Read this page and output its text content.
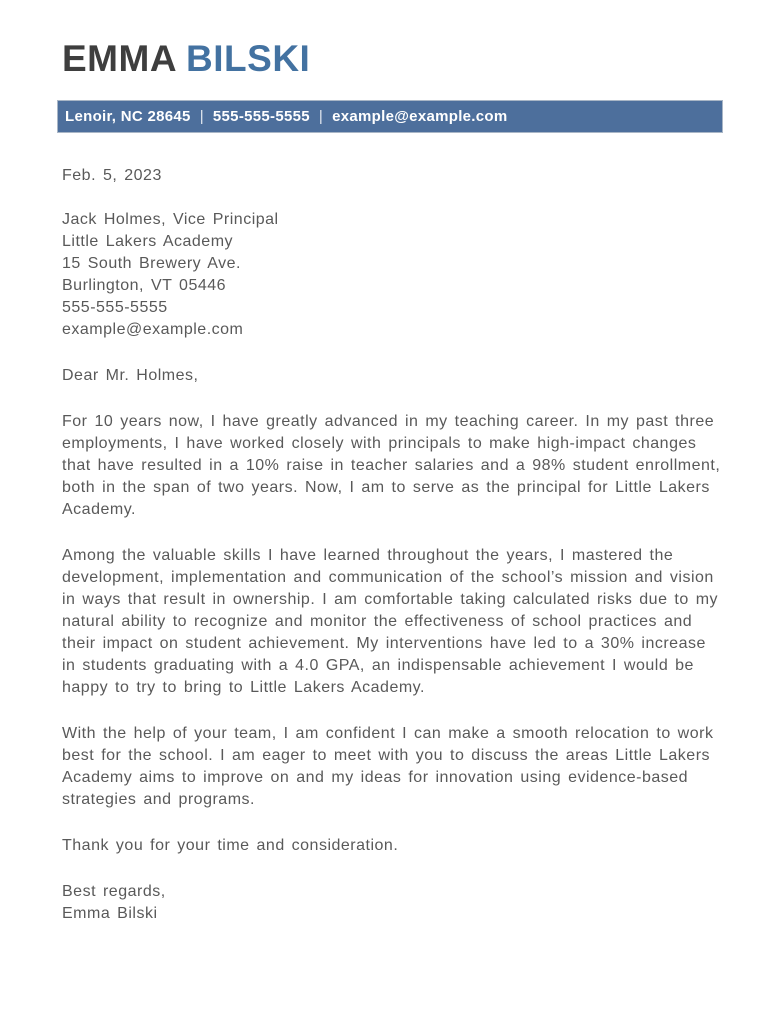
EMMA BILSKI
Lenoir, NC 28645 | 555-555-5555 | example@example.com
Feb. 5, 2023
Jack Holmes, Vice Principal
Little Lakers Academy
15 South Brewery Ave.
Burlington, VT 05446
555-555-5555
example@example.com
Dear Mr. Holmes,
For 10 years now, I have greatly advanced in my teaching career. In my past three employments, I have worked closely with principals to make high-impact changes that have resulted in a 10% raise in teacher salaries and a 98% student enrollment, both in the span of two years. Now, I am to serve as the principal for Little Lakers Academy.
Among the valuable skills I have learned throughout the years, I mastered the development, implementation and communication of the school’s mission and vision in ways that result in ownership. I am comfortable taking calculated risks due to my natural ability to recognize and monitor the effectiveness of school practices and their impact on student achievement. My interventions have led to a 30% increase in students graduating with a 4.0 GPA, an indispensable achievement I would be happy to try to bring to Little Lakers Academy.
With the help of your team, I am confident I can make a smooth relocation to work best for the school. I am eager to meet with you to discuss the areas Little Lakers Academy aims to improve on and my ideas for innovation using evidence-based strategies and programs.
Thank you for your time and consideration.
Best regards,
Emma Bilski
